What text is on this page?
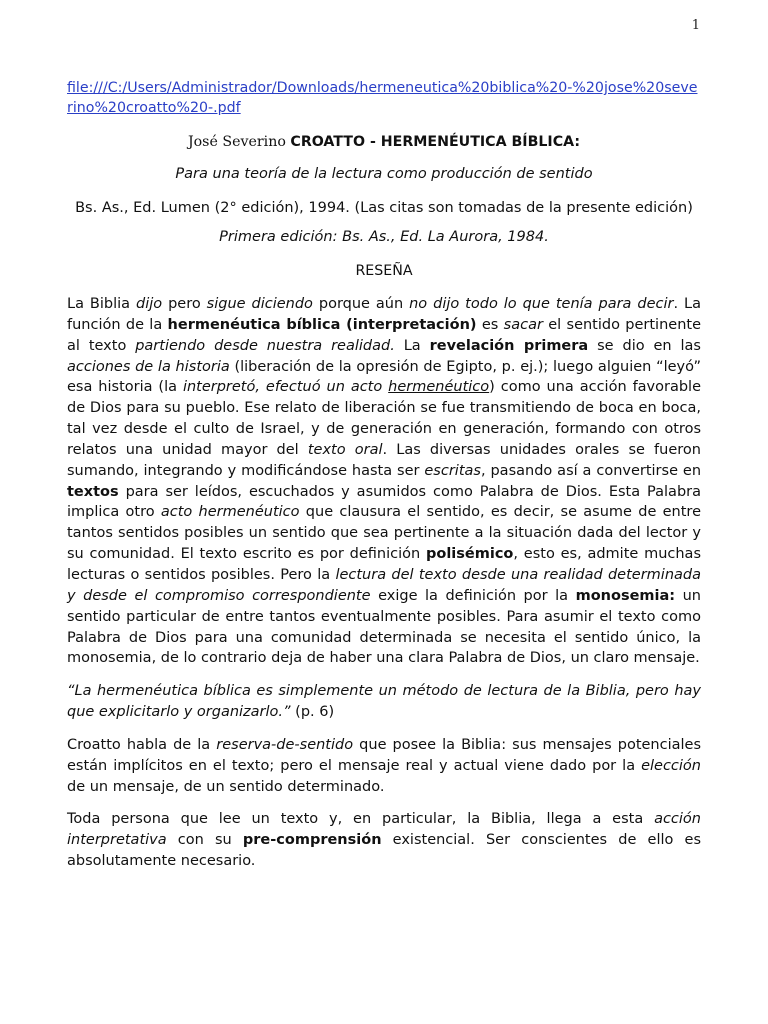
1
file:///C:/Users/Administrador/Downloads/hermeneutica%20biblica%20-%20jose%20severino%20croatto%20-.pdf
José Severino CROATTO - HERMENÉUTICA BÍBLICA:
Para una teoría de la lectura como producción de sentido
Bs. As., Ed. Lumen (2° edición), 1994. (Las citas son tomadas de la presente edición)
Primera edición: Bs. As., Ed. La Aurora, 1984.
RESEÑA

La Biblia dijo pero sigue diciendo porque aún no dijo todo lo que tenía para decir. La función de la hermenéutica bíblica (interpretación) es sacar el sentido pertinente al texto partiendo desde nuestra realidad. La revelación primera se dio en las acciones de la historia (liberación de la opresión de Egipto, p. ej.); luego alguien “leyó” esa historia (la interpretó, efectuó un acto hermenéutico) como una acción favorable de Dios para su pueblo. Ese relato de liberación se fue transmitiendo de boca en boca, tal vez desde el culto de Israel, y de generación en generación, formando con otros relatos una unidad mayor del texto oral. Las diversas unidades orales se fueron sumando, integrando y modificándose hasta ser escritas, pasando así a convertirse en textos para ser leídos, escuchados y asumidos como Palabra de Dios. Esta Palabra implica otro acto hermenéutico que clausura el sentido, es decir, se asume de entre tantos sentidos posibles un sentido que sea pertinente a la situación dada del lector y su comunidad. El texto escrito es por definición polisémico, esto es, admite muchas lecturas o sentidos posibles. Pero la lectura del texto desde una realidad determinada y desde el compromiso correspondiente exige la definición por la monosemia: un sentido particular de entre tantos eventualmente posibles. Para asumir el texto como Palabra de Dios para una comunidad determinada se necesita el sentido único, la monosemia, de lo contrario deja de haber una clara Palabra de Dios, un claro mensaje.

“La hermenéutica bíblica es simplemente un método de lectura de la Biblia, pero hay que explicitarlo y organizarlo.” (p. 6)

Croatto habla de la reserva-de-sentido que posee la Biblia: sus mensajes potenciales están implícitos en el texto; pero el mensaje real y actual viene dado por la elección de un mensaje, de un sentido determinado.

Toda persona que lee un texto y, en particular, la Biblia, llega a esta acción interpretativa con su pre-comprensión existencial. Ser conscientes de ello es absolutamente necesario.
